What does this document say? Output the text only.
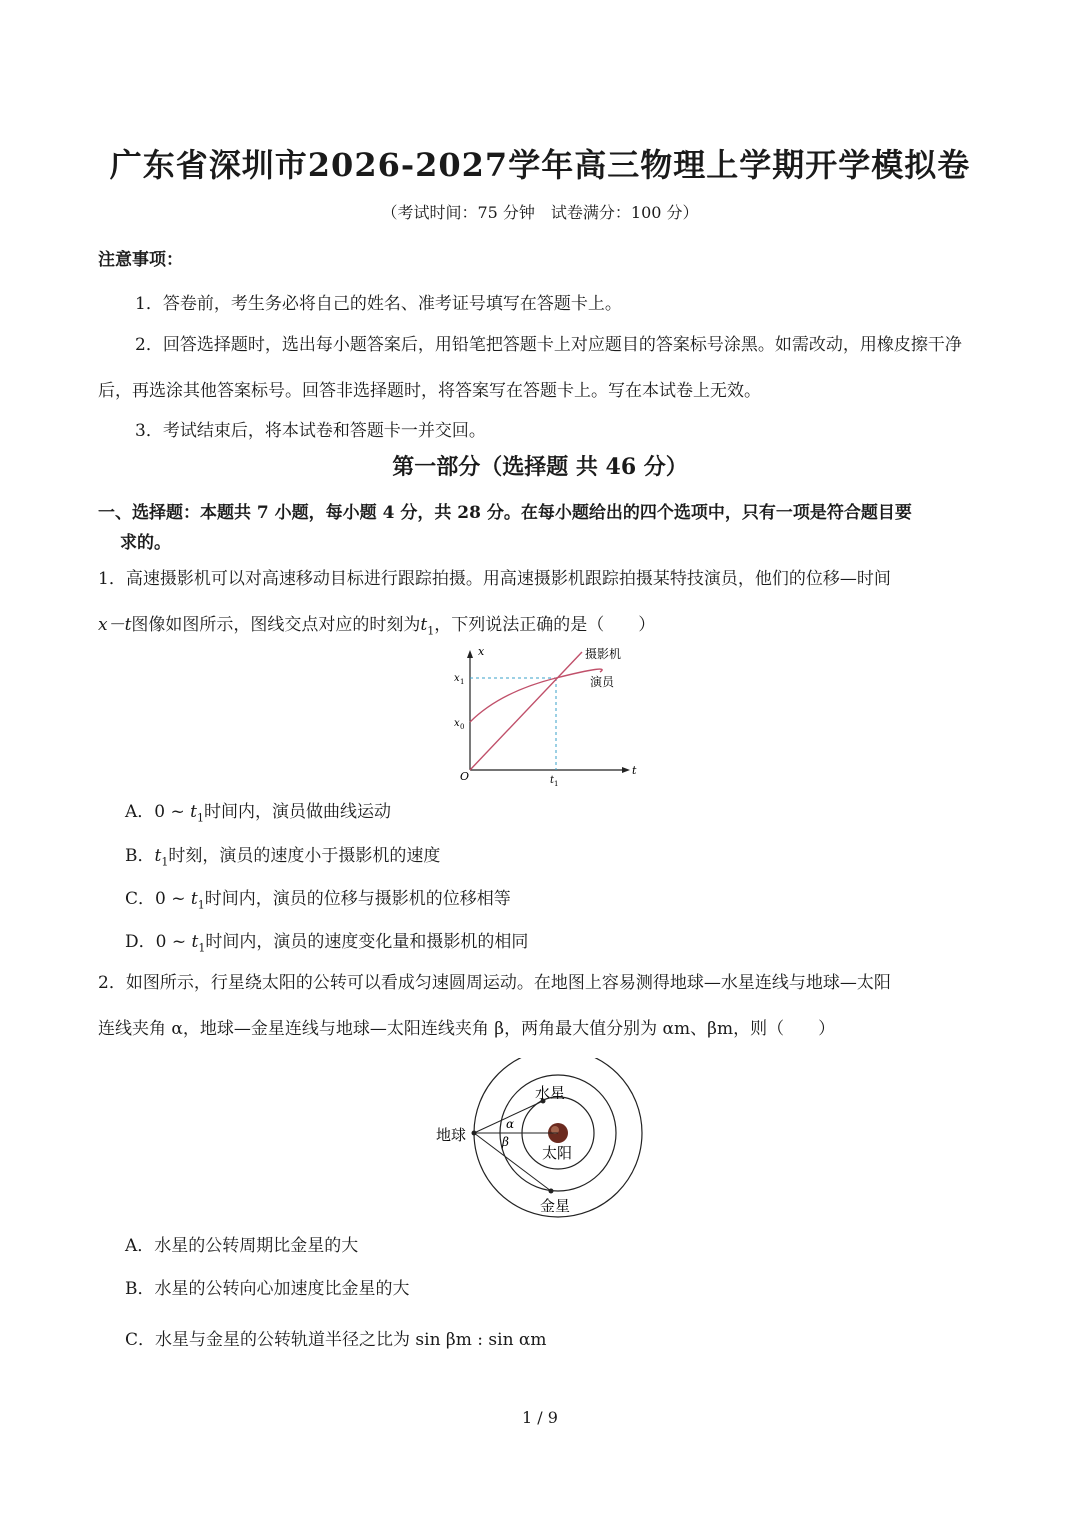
广东省深圳市2026-2027学年高三物理上学期开学模拟卷
（考试时间：75 分钟　试卷满分：100 分）
注意事项：
1．答卷前，考生务必将自己的姓名、准考证号填写在答题卡上。
2．回答选择题时，选出每小题答案后，用铅笔把答题卡上对应题目的答案标号涂黑。如需改动，用橡皮擦干净后，再选涂其他答案标号。回答非选择题时，将答案写在答题卡上。写在本试卷上无效。
3．考试结束后，将本试卷和答题卡一并交回。
第一部分（选择题 共 46 分）
一、选择题：本题共 7 小题，每小题 4 分，共 28 分。在每小题给出的四个选项中，只有一项是符合题目要
求的。
1．高速摄影机可以对高速移动目标进行跟踪拍摄。用高速摄影机跟踪拍摄某特技演员，他们的位移—时间
x－t图像如图所示，图线交点对应的时刻为$t_1$，下列说法正确的是（　　）
x
t
O	t 1
x 1
x 0
摄影机
演员
A．0 ~ $t_1$时间内，演员做曲线运动
B．$t_1$时刻，演员的速度小于摄影机的速度
C．0 ~ $t_1$时间内，演员的位移与摄影机的位移相等
D．0 ~ $t_1$时间内，演员的速度变化量和摄影机的相同
2．如图所示，行星绕太阳的公转可以看成匀速圆周运动。在地图上容易测得地球—水星连线与地球—太阳
连线夹角 α，地球—金星连线与地球—太阳连线夹角 β，两角最大值分别为 αm、βm，则（　　）
水星
地球
太阳
金星
α
β
A．水星的公转周期比金星的大
B．水星的公转向心加速度比金星的大
C．水星与金星的公转轨道半径之比为 sin βm : sin αm
1 / 9
